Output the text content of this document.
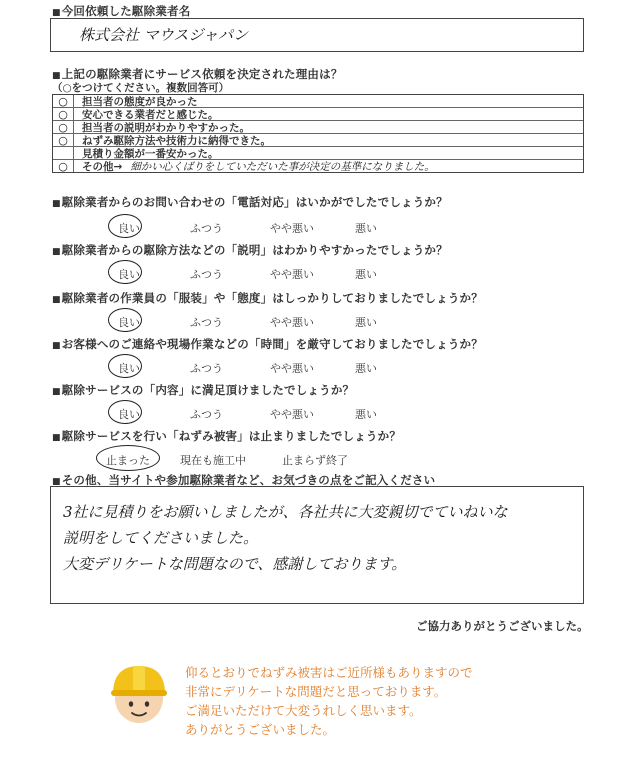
■ 今回依頼した駆除業者名
株式会社 マウスジャパン
■ 上記の駆除業者にサービス依頼を決定された理由は？
（○をつけてください。複数回答可）
○	担当者の態度が良かった
○	安心できる業者だと感じた。
○	担当者の説明がわかりやすかった。
○	ねずみ駆除方法や技術力に納得できた。
見積り金額が一番安かった。
○	その他→ 細かい心くばりをしていただいた事が決定の基準になりました。
■ 駆除業者からのお問い合わせの「電話対応」はいかがでしたでしょうか？
良い	ふつう	やや悪い	悪い
■ 駆除業者からの駆除方法などの「説明」はわかりやすかったでしょうか？
良い	ふつう	やや悪い	悪い
■ 駆除業者の作業員の「服装」や「態度」はしっかりしておりましたでしょうか？
良い	ふつう	やや悪い	悪い
■ お客様へのご連絡や現場作業などの「時間」を厳守しておりましたでしょうか？
良い	ふつう	やや悪い	悪い
■ 駆除サービスの「内容」に満足頂けましたでしょうか？
良い	ふつう	やや悪い	悪い
■ 駆除サービスを行い「ねずみ被害」は止まりましたでしょうか？
止まった	現在も施工中	止まらず終了
■ その他、当サイトや参加駆除業者など、お気づきの点をご記入ください
3社に見積りをお願いしましたが、各社共に大変親切でていねいな
説明をしてくださいました。
大変デリケートな問題なので、感謝しております。
ご協力ありがとうございました。
仰るとおりでねずみ被害はご近所様もありますので
非常にデリケートな問題だと思っております。
ご満足いただけて大変うれしく思います。
ありがとうございました。
